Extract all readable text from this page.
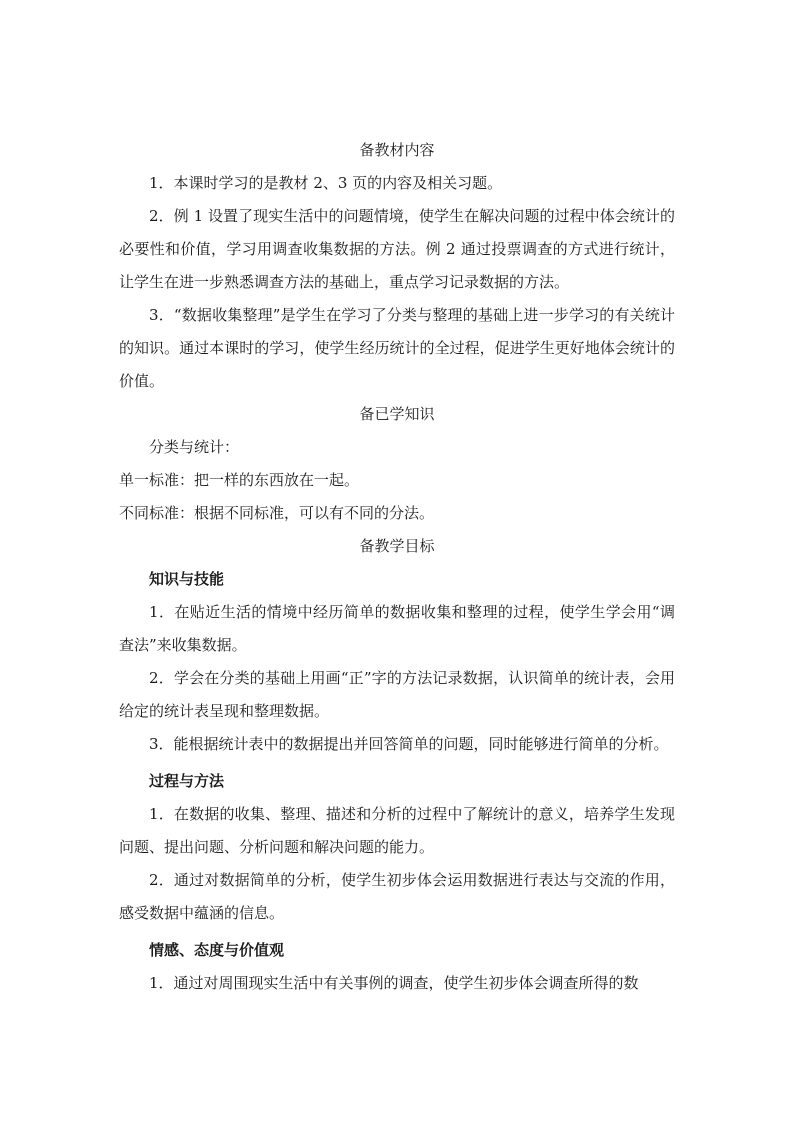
备教材内容

1．本课时学习的是教材 2、3 页的内容及相关习题。

2．例 1 设置了现实生活中的问题情境，使学生在解决问题的过程中体会统计的必要性和价值，学习用调查收集数据的方法。例 2 通过投票调查的方式进行统计，让学生在进一步熟悉调查方法的基础上，重点学习记录数据的方法。

3．“数据收集整理”是学生在学习了分类与整理的基础上进一步学习的有关统计的知识。通过本课时的学习，使学生经历统计的全过程，促进学生更好地体会统计的价值。

备已学知识

分类与统计：

单一标准：把一样的东西放在一起。

不同标准：根据不同标准，可以有不同的分法。

备教学目标

知识与技能

1．在贴近生活的情境中经历简单的数据收集和整理的过程，使学生学会用“调查法”来收集数据。

2．学会在分类的基础上用画“正”字的方法记录数据，认识简单的统计表，会用给定的统计表呈现和整理数据。

3．能根据统计表中的数据提出并回答简单的问题，同时能够进行简单的分析。

过程与方法

1．在数据的收集、整理、描述和分析的过程中了解统计的意义，培养学生发现问题、提出问题、分析问题和解决问题的能力。

2．通过对数据简单的分析，使学生初步体会运用数据进行表达与交流的作用，感受数据中蕴涵的信息。

情感、态度与价值观

1．通过对周围现实生活中有关事例的调查，使学生初步体会调查所得的数
